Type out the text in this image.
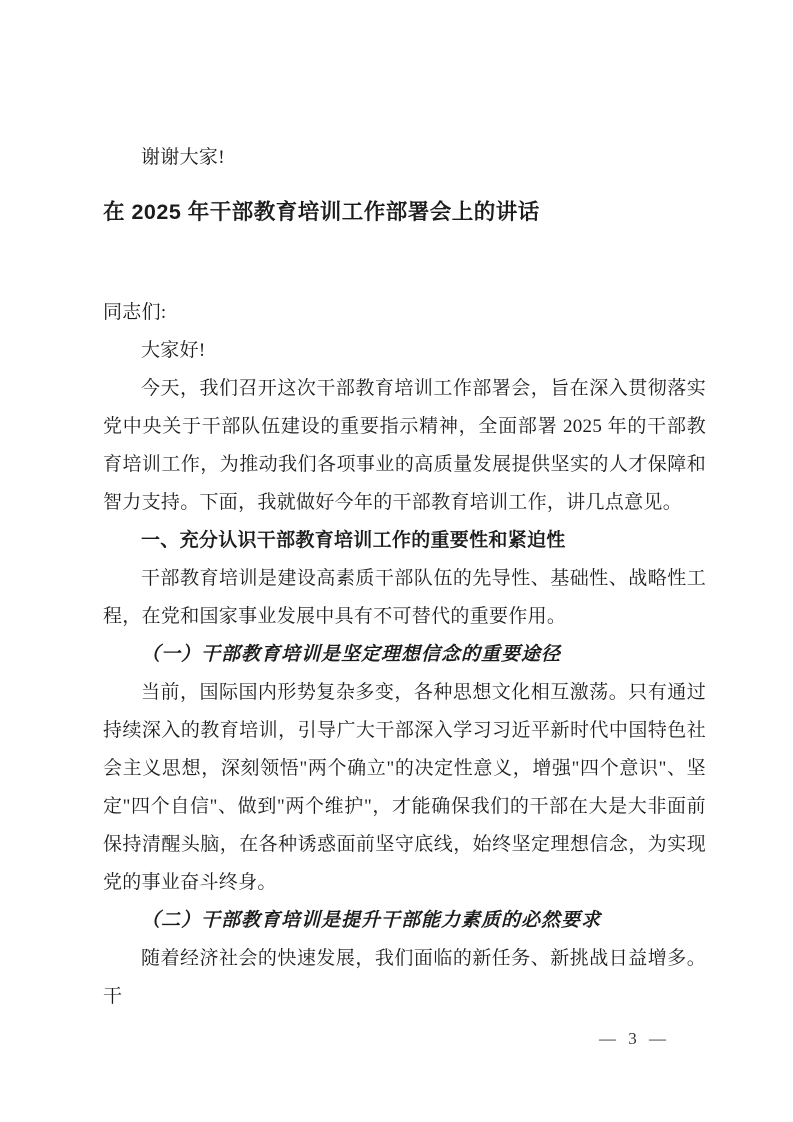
谢谢大家!

在 2025 年干部教育培训工作部署会上的讲话

同志们:

大家好!

今天，我们召开这次干部教育培训工作部署会，旨在深入贯彻落实党中央关于干部队伍建设的重要指示精神，全面部署 2025 年的干部教育培训工作，为推动我们各项事业的高质量发展提供坚实的人才保障和智力支持。下面，我就做好今年的干部教育培训工作，讲几点意见。

一、充分认识干部教育培训工作的重要性和紧迫性

干部教育培训是建设高素质干部队伍的先导性、基础性、战略性工程，在党和国家事业发展中具有不可替代的重要作用。

（一）干部教育培训是坚定理想信念的重要途径

当前，国际国内形势复杂多变，各种思想文化相互激荡。只有通过持续深入的教育培训，引导广大干部深入学习习近平新时代中国特色社会主义思想，深刻领悟"两个确立"的决定性意义，增强"四个意识"、坚定"四个自信"、做到"两个维护"，才能确保我们的干部在大是大非面前保持清醒头脑，在各种诱惑面前坚守底线，始终坚定理想信念，为实现党的事业奋斗终身。

（二）干部教育培训是提升干部能力素质的必然要求

随着经济社会的快速发展，我们面临的新任务、新挑战日益增多。干

— 3 —
